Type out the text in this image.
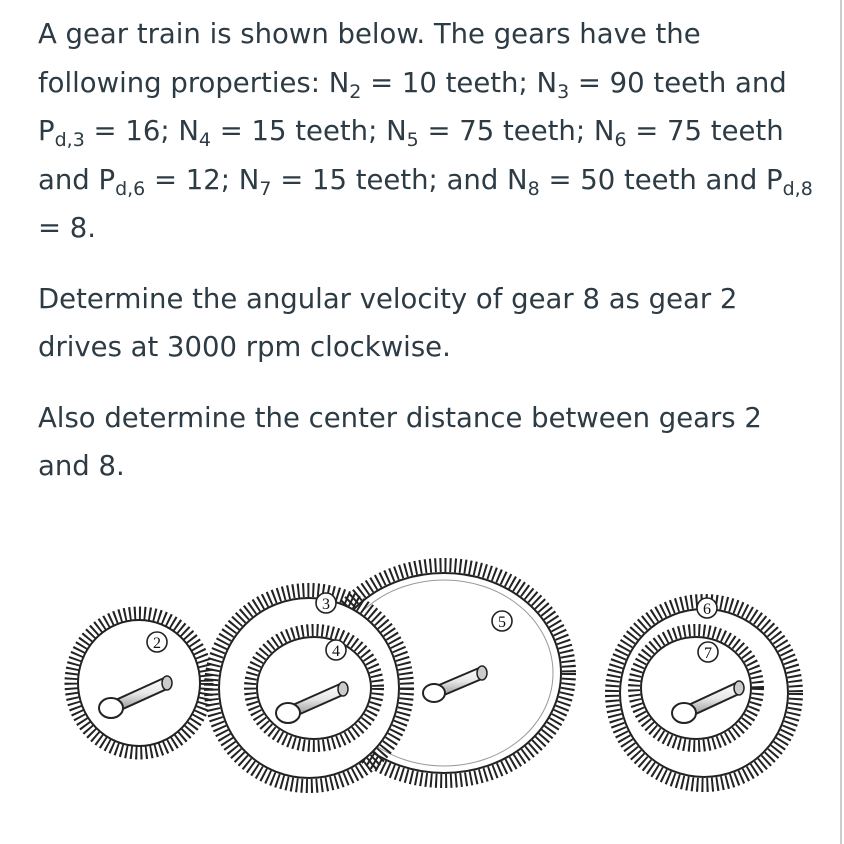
A gear train is shown below. The gears have the following properties: $N_2 = 10$ teeth; $N_3 = 90$ teeth and $P_{d,3} = 16$; $N_4 = 15$ teeth; $N_5 = 75$ teeth; $N_6 = 75$ teeth and $P_{d,6} = 12$; $N_7 = 15$ teeth; and $N_8 = 50$ teeth and $P_{d,8} = 8$.

Determine the angular velocity of gear 8 as gear 2 drives at 3000 rpm clockwise.

Also determine the center distance between gears 2 and 8.

2
3
4
5
6
7
